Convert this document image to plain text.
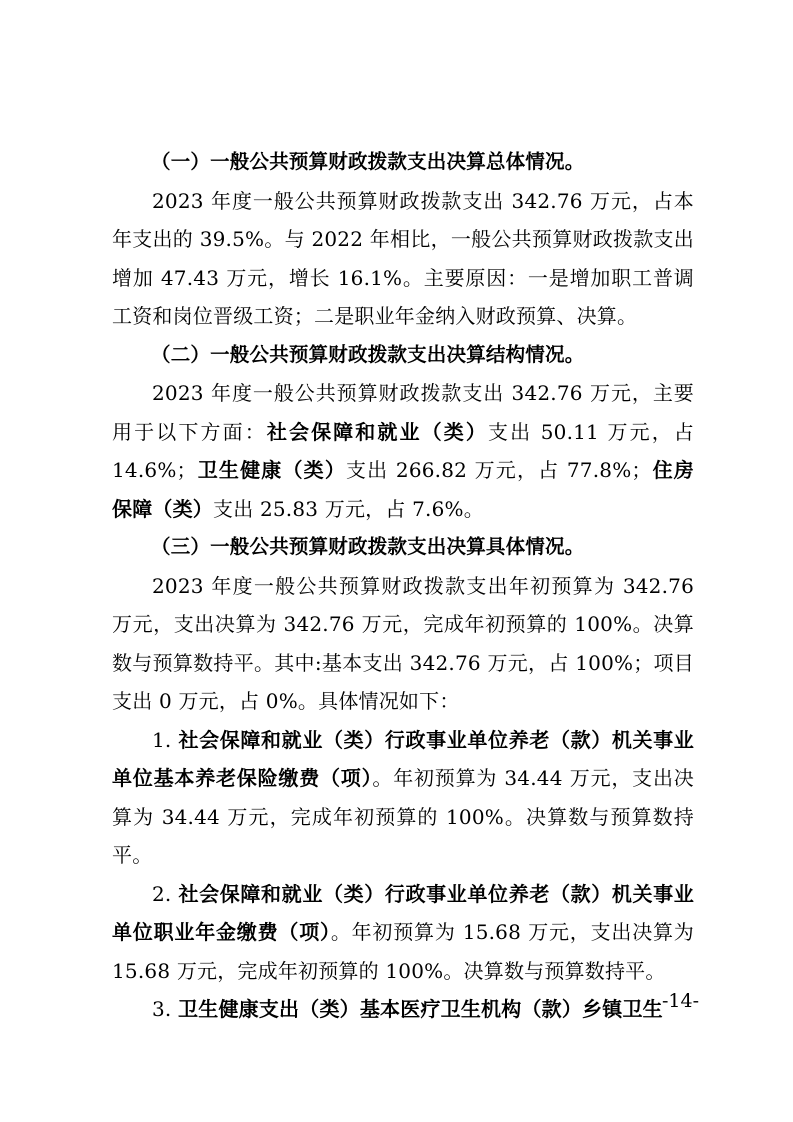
（一）一般公共预算财政拨款支出决算总体情况。

2023 年度一般公共预算财政拨款支出 342.76 万元，占本年支出的 39.5%。与 2022 年相比，一般公共预算财政拨款支出增加 47.43 万元，增长 16.1%。主要原因：一是增加职工普调工资和岗位晋级工资；二是职业年金纳入财政预算、决算。

（二）一般公共预算财政拨款支出决算结构情况。

2023 年度一般公共预算财政拨款支出 342.76 万元，主要用于以下方面：社会保障和就业（类）支出 50.11 万元，占 14.6%；卫生健康（类）支出 266.82 万元，占 77.8%；住房保障（类）支出 25.83 万元，占 7.6%。

（三）一般公共预算财政拨款支出决算具体情况。

2023 年度一般公共预算财政拨款支出年初预算为 342.76 万元，支出决算为 342.76 万元，完成年初预算的 100%。决算数与预算数持平。其中:基本支出 342.76 万元，占 100%；项目支出 0 万元，占 0%。具体情况如下：

1. 社会保障和就业（类）行政事业单位养老（款）机关事业单位基本养老保险缴费（项）。年初预算为 34.44 万元，支出决算为 34.44 万元，完成年初预算的 100%。决算数与预算数持平。

2. 社会保障和就业（类）行政事业单位养老（款）机关事业单位职业年金缴费（项）。年初预算为 15.68 万元，支出决算为 15.68 万元，完成年初预算的 100%。决算数与预算数持平。

3. 卫生健康支出（类）基本医疗卫生机构（款）乡镇卫生 -14-
